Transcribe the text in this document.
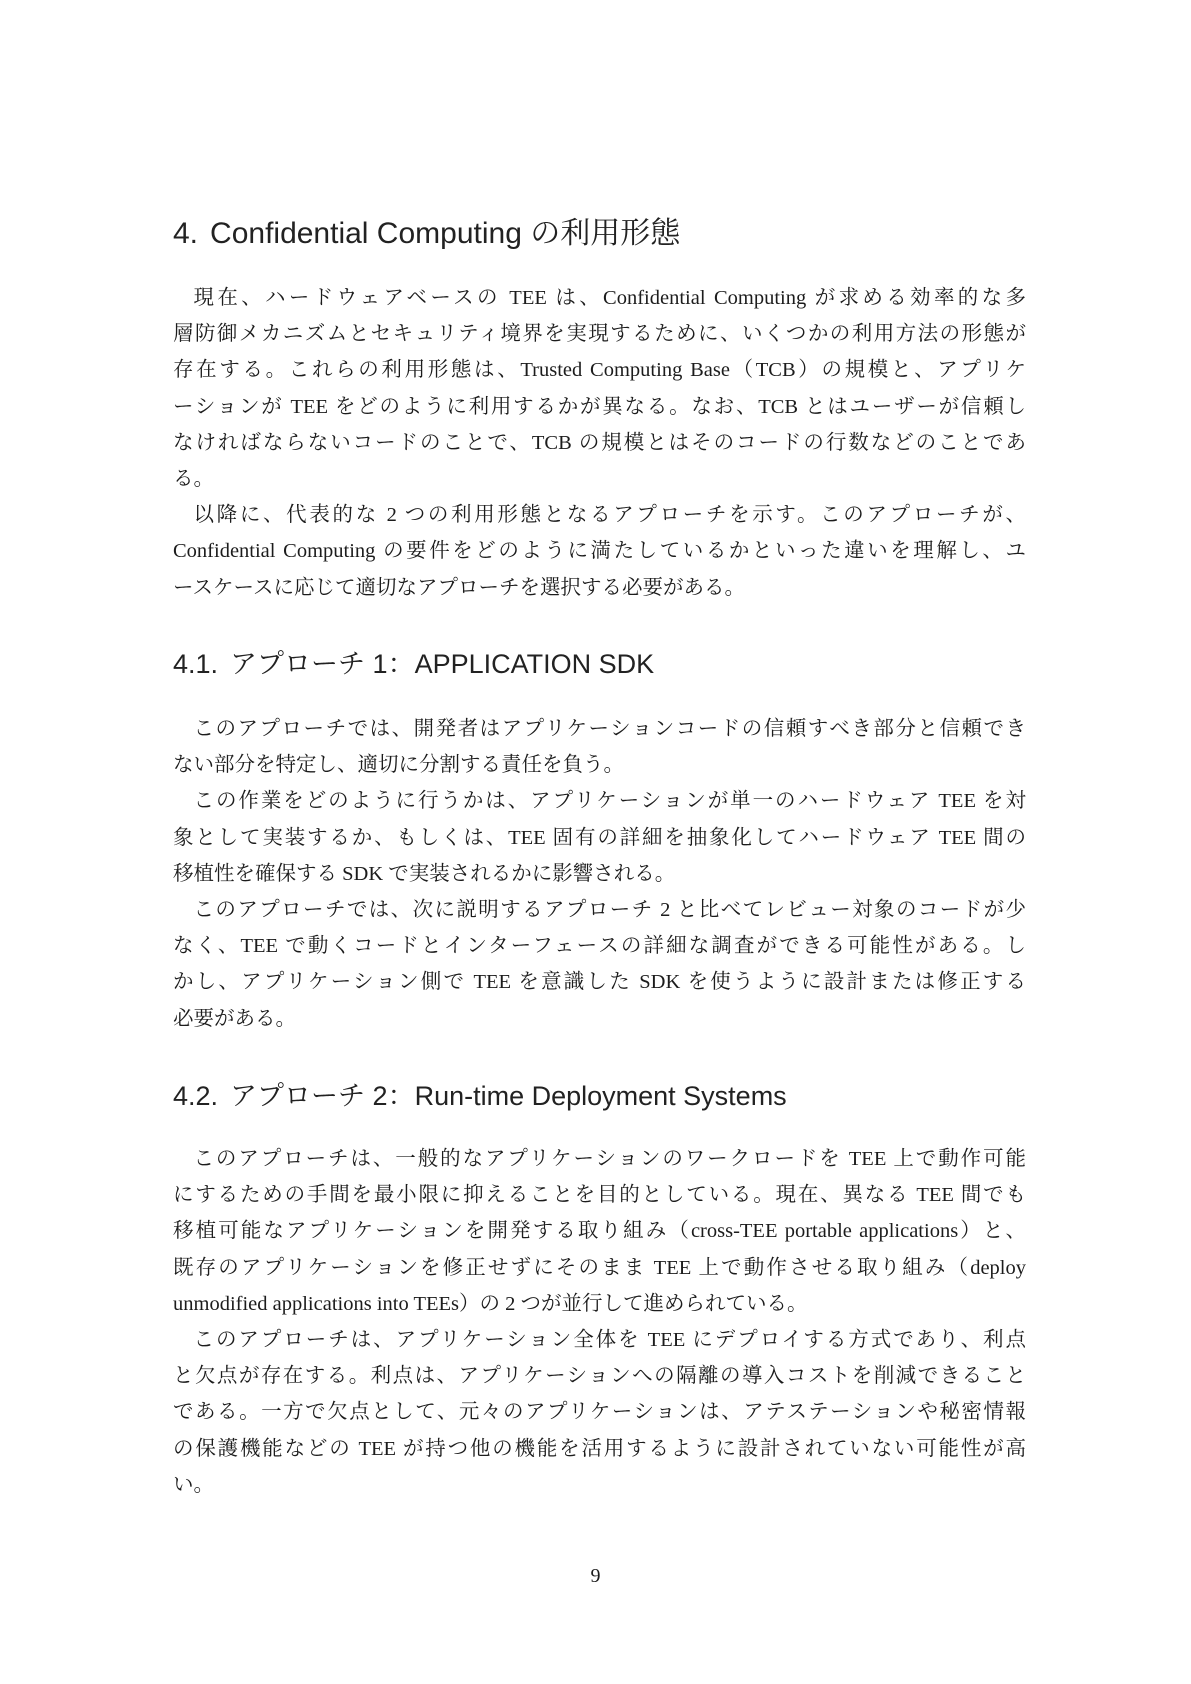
4. Confidential Computing の利用形態
現在、ハードウェアベースの TEE は、Confidential Computing が求める効率的な多
層防御メカニズムとセキュリティ境界を実現するために、いくつかの利用方法の形態が
存在する。これらの利用形態は、Trusted Computing Base（TCB）の規模と、アプリケ
ーションが TEE をどのように利用するかが異なる。なお、TCB とはユーザーが信頼し
なければならないコードのことで、TCB の規模とはそのコードの行数などのことであ
る。
以降に、代表的な 2 つの利用形態となるアプローチを示す。このアプローチが、
Confidential Computing の要件をどのように満たしているかといった違いを理解し、ユ
ースケースに応じて適切なアプローチを選択する必要がある。
4.1. アプローチ 1：APPLICATION SDK
このアプローチでは、開発者はアプリケーションコードの信頼すべき部分と信頼でき
ない部分を特定し、適切に分割する責任を負う。
この作業をどのように行うかは、アプリケーションが単一のハードウェア TEE を対
象として実装するか、もしくは、TEE 固有の詳細を抽象化してハードウェア TEE 間の
移植性を確保する SDK で実装されるかに影響される。
このアプローチでは、次に説明するアプローチ 2 と比べてレビュー対象のコードが少
なく、TEE で動くコードとインターフェースの詳細な調査ができる可能性がある。し
かし、アプリケーション側で TEE を意識した SDK を使うように設計または修正する
必要がある。
4.2. アプローチ 2：Run-time Deployment Systems
このアプローチは、一般的なアプリケーションのワークロードを TEE 上で動作可能
にするための手間を最小限に抑えることを目的としている。現在、異なる TEE 間でも
移植可能なアプリケーションを開発する取り組み（cross-TEE portable applications）と、
既存のアプリケーションを修正せずにそのまま TEE 上で動作させる取り組み（deploy
unmodified applications into TEEs）の 2 つが並行して進められている。
このアプローチは、アプリケーション全体を TEE にデプロイする方式であり、利点
と欠点が存在する。利点は、アプリケーションへの隔離の導入コストを削減できること
である。一方で欠点として、元々のアプリケーションは、アテステーションや秘密情報
の保護機能などの TEE が持つ他の機能を活用するように設計されていない可能性が高
い。
9
